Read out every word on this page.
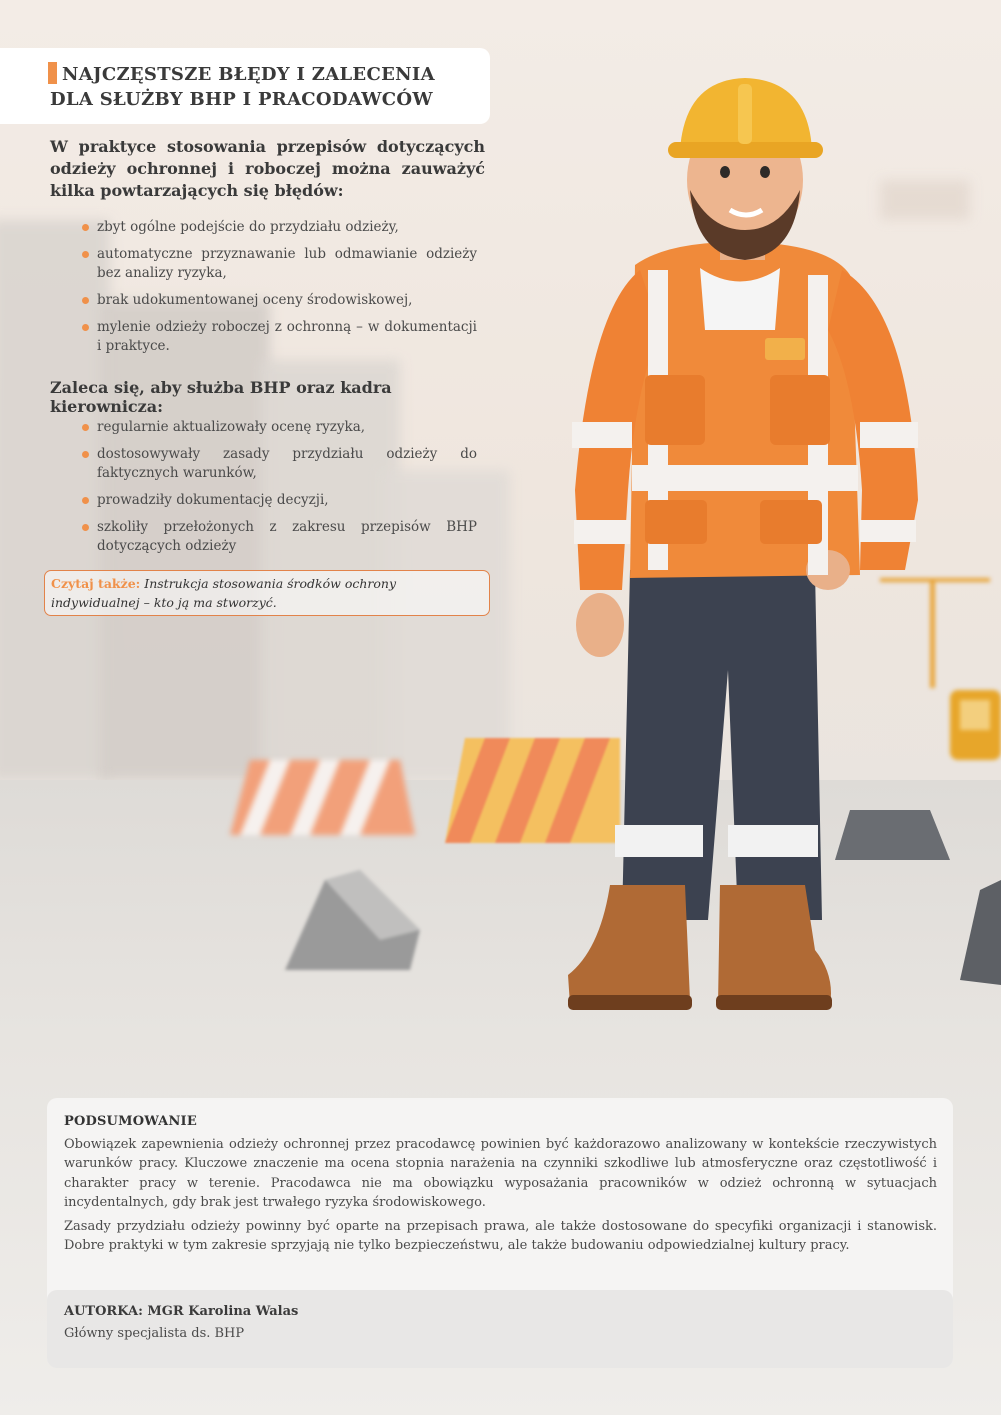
NAJCZĘSTSZE BŁĘDY I ZALECENIA
DLA SŁUŻBY BHP I PRACODAWCÓW

W praktyce stosowania przepisów dotyczących odzieży ochronnej i roboczej można zauważyć kilka powtarzających się błędów:

zbyt ogólne podejście do przydziału odzieży,
automatyczne przyznawanie lub odmawianie odzieży bez analizy ryzyka,
brak udokumentowanej oceny środowiskowej,
mylenie odzieży roboczej z ochronną – w dokumentacji i praktyce.
Zaleca się, aby służba BHP oraz kadra kierownicza:
regularnie aktualizowały ocenę ryzyka,
dostosowywały zasady przydziału odzieży do faktycznych warunków,
prowadziły dokumentację decyzji,
szkoliły przełożonych z zakresu przepisów BHP dotyczących odzieży
Czytaj także: Instrukcja stosowania środków ochrony indywidualnej – kto ją ma stworzyć.
PODSUMOWANIE

Obowiązek zapewnienia odzieży ochronnej przez pracodawcę powinien być każdorazowo analizowany w kontekście rzeczywistych warunków pracy. Kluczowe znaczenie ma ocena stopnia narażenia na czynniki szkodliwe lub atmosferyczne oraz częstotliwość i charakter pracy w terenie. Pracodawca nie ma obowiązku wyposażania pracowników w odzież ochronną w sytuacjach incydentalnych, gdy brak jest trwałego ryzyka środowiskowego.

Zasady przydziału odzieży powinny być oparte na przepisach prawa, ale także dostosowane do specyfiki organizacji i stanowisk. Dobre praktyki w tym zakresie sprzyjają nie tylko bezpieczeństwu, ale także budowaniu odpowiedzialnej kultury pracy.

AUTORKA: MGR Karolina Walas
Główny specjalista ds. BHP
